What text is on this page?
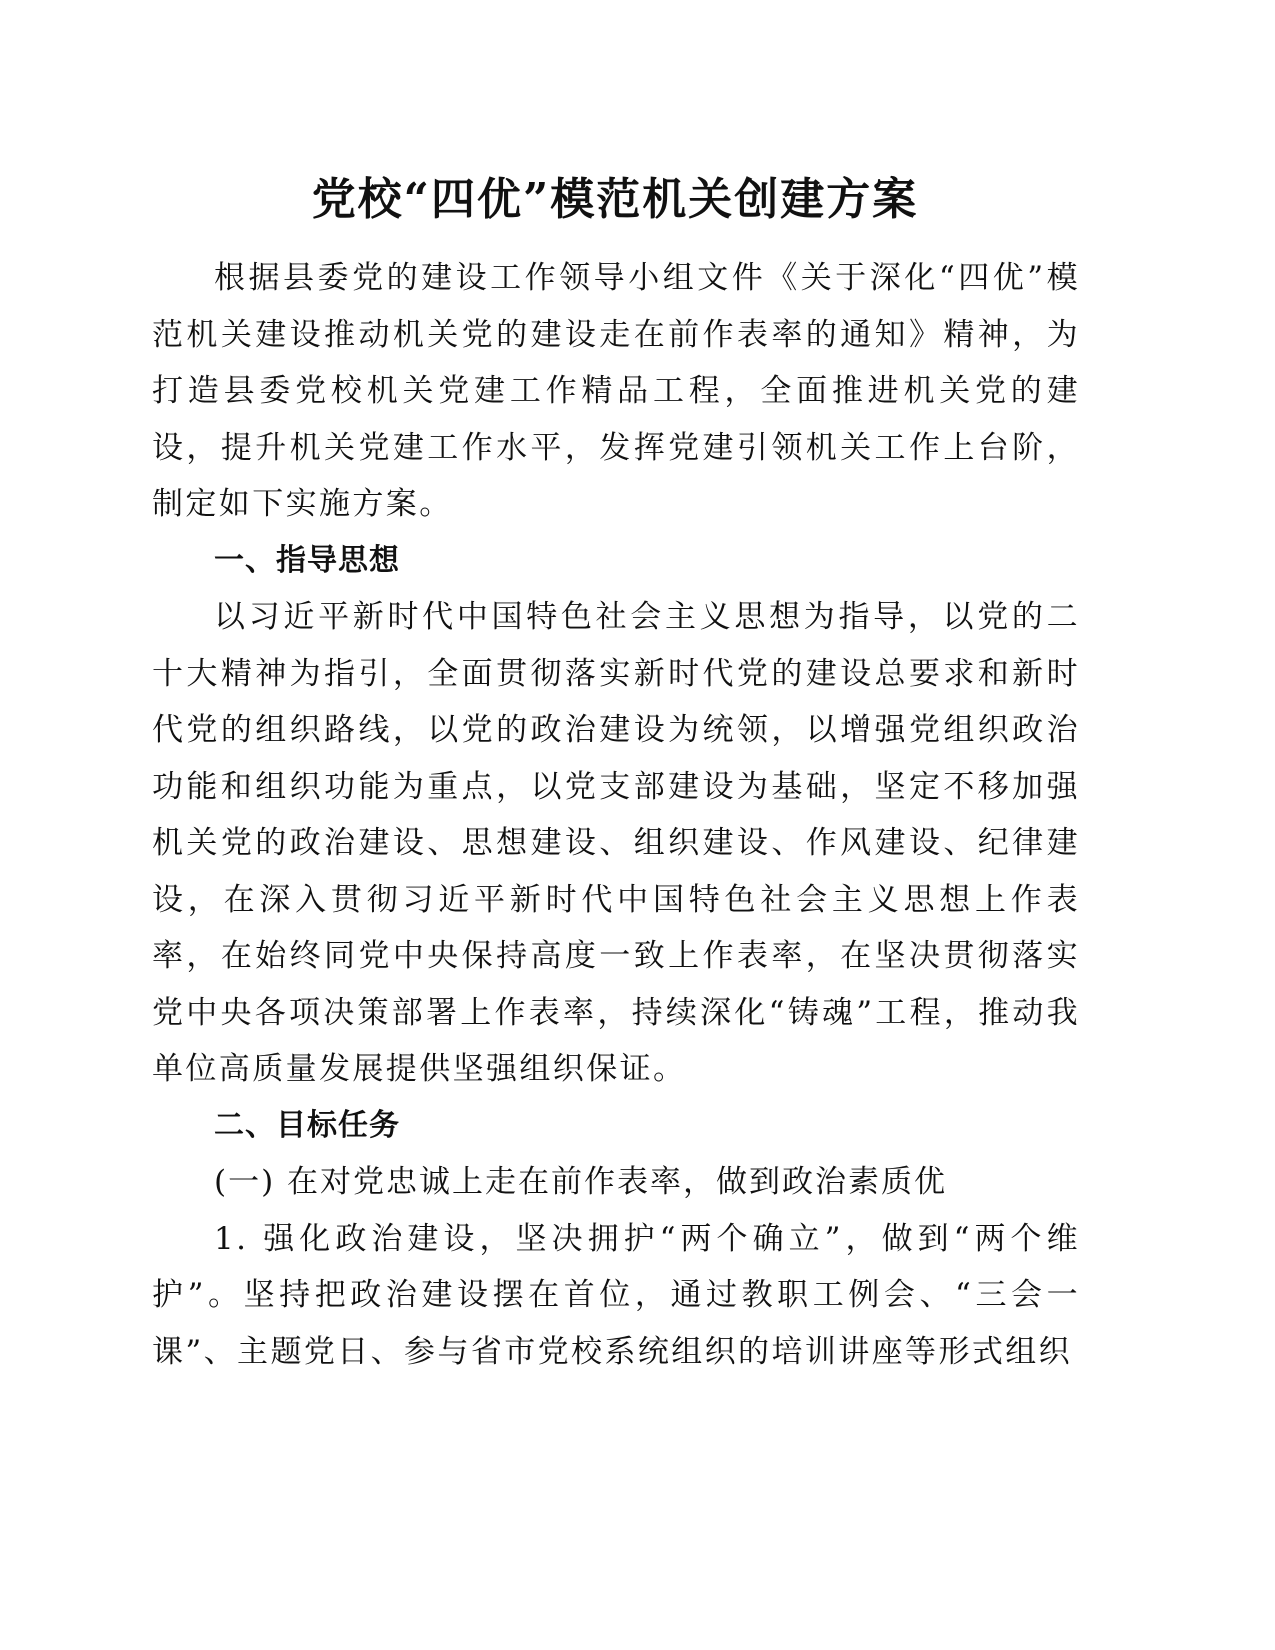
党校“四优”模范机关创建方案

根据县委党的建设工作领导小组文件《关于深化“四优”模范机关建设推动机关党的建设走在前作表率的通知》精神，为打造县委党校机关党建工作精品工程，全面推进机关党的建设，提升机关党建工作水平，发挥党建引领机关工作上台阶，制定如下实施方案。

一、指导思想

以习近平新时代中国特色社会主义思想为指导，以党的二十大精神为指引，全面贯彻落实新时代党的建设总要求和新时代党的组织路线，以党的政治建设为统领，以增强党组织政治功能和组织功能为重点，以党支部建设为基础，坚定不移加强机关党的政治建设、思想建设、组织建设、作风建设、纪律建设，在深入贯彻习近平新时代中国特色社会主义思想上作表率，在始终同党中央保持高度一致上作表率，在坚决贯彻落实党中央各项决策部署上作表率，持续深化“铸魂”工程，推动我单位高质量发展提供坚强组织保证。

二、目标任务

(一) 在对党忠诚上走在前作表率，做到政治素质优

1. 强化政治建设，坚决拥护“两个确立”，做到“两个维护”。坚持把政治建设摆在首位，通过教职工例会、“三会一课”、主题党日、参与省市党校系统组织的培训讲座等形式组织
